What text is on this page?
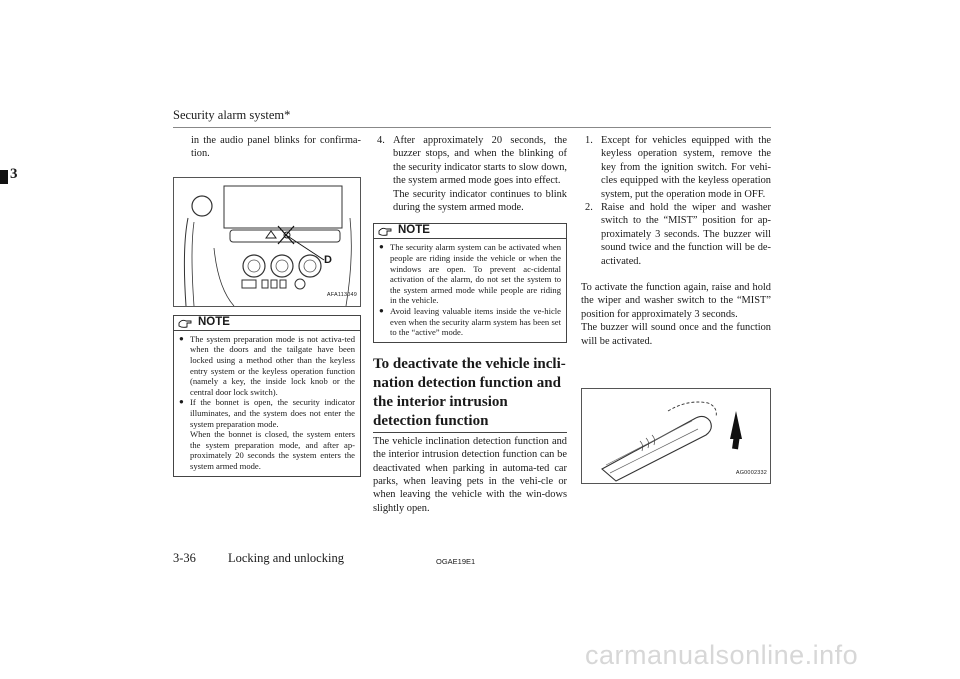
Security alarm system*
3
in the audio panel blinks for confirma-tion.
D
AFA113049
NOTE
● The system preparation mode is not activa-ted when the doors and the tailgate have been locked using a method other than the keyless entry system or the keyless operation function (namely a key, the inside lock knob or the central door lock switch).
● If the bonnet is open, the security indicator illuminates, and the system does not enter the system preparation mode.
When the bonnet is closed, the system enters the system preparation mode, and after ap-proximately 20 seconds the system enters the system armed mode.
4. After approximately 20 seconds, the buzzer stops, and when the blinking of the security indicator starts to slow down, the system armed mode goes into effect.
The security indicator continues to blink during the system armed mode.
NOTE
● The security alarm system can be activated when people are riding inside the vehicle or when the windows are open. To prevent ac-cidental activation of the alarm, do not set the system to the system armed mode while people are riding in the vehicle.
● Avoid leaving valuable items inside the ve-hicle even when the security alarm system has been set to the “active” mode.
To deactivate the vehicle incli-nation detection function and the interior intrusion detection function
The vehicle inclination detection function and the interior intrusion detection function can be deactivated when parking in automa-ted car parks, when leaving pets in the vehi-cle or when leaving the vehicle with the win-dows slightly open.
1. Except for vehicles equipped with the keyless operation system, remove the key from the ignition switch. For vehi-cles equipped with the keyless operation system, put the operation mode in OFF.
2. Raise and hold the wiper and washer switch to the “MIST” position for ap-proximately 3 seconds. The buzzer will sound twice and the function will be de-activated.
To activate the function again, raise and hold the wiper and washer switch to the “MIST” position for approximately 3 seconds.
The buzzer will sound once and the function will be activated.
AG0002332
3-36	Locking and unlocking	OGAE19E1
carmanualsonline.info
